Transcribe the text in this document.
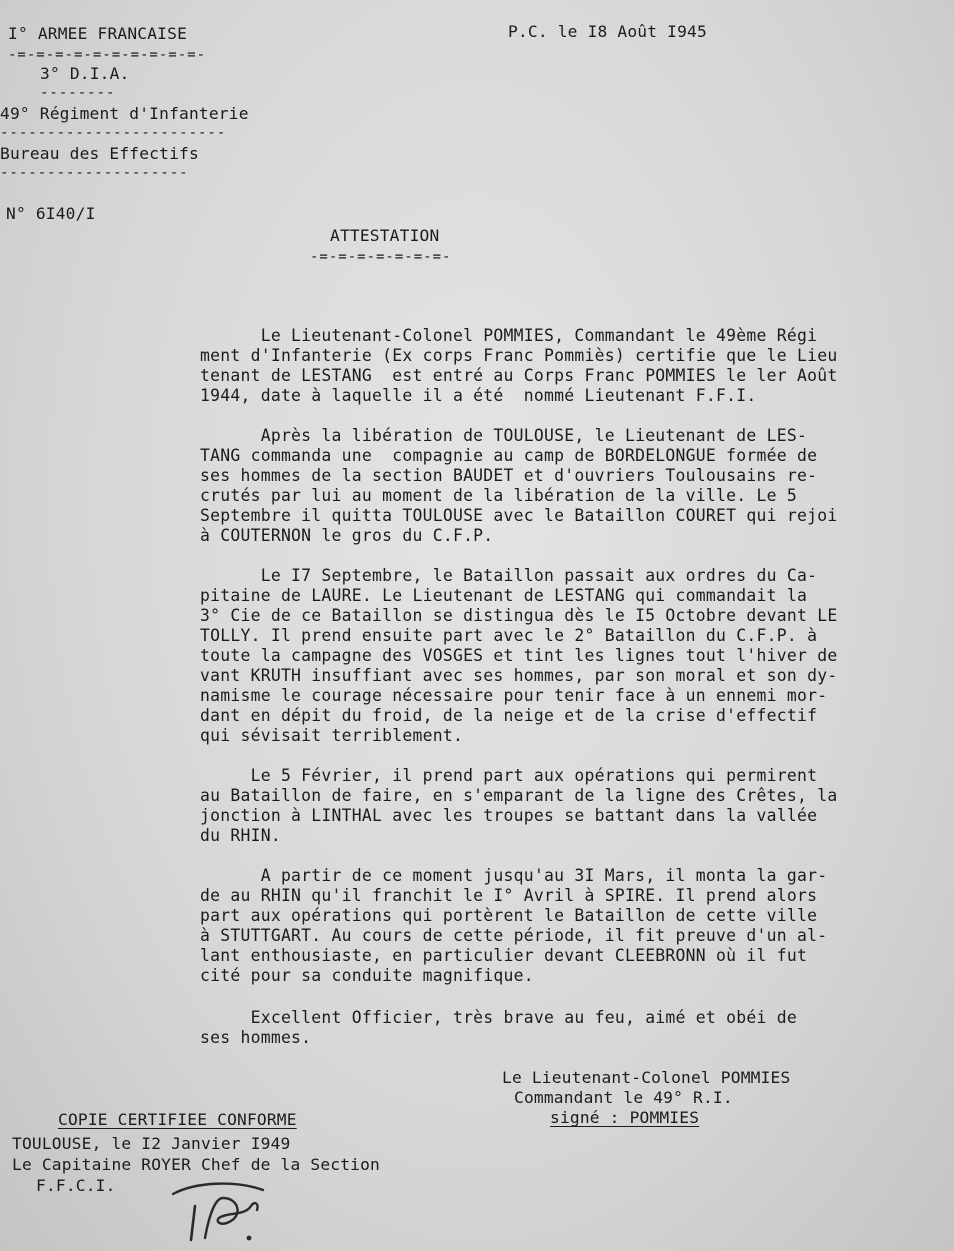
I° ARMEE FRANCAISE
-=-=-=-=-=-=-=-=-=-=-
3° D.I.A.
--------
49° Régiment d'Infanterie
------------------------
Bureau des Effectifs
--------------------
N° 6I40/I
P.C. le I8 Août I945
ATTESTATION
-=-=-=-=-=-=-=-
Le Lieutenant-Colonel POMMIES, Commandant le 49ème Régi
ment d'Infanterie (Ex corps Franc Pommiès) certifie que le Lieu
tenant de LESTANG  est entré au Corps Franc POMMIES le ler Août
1944, date à laquelle il a été  nommé Lieutenant F.F.I.
Après la libération de TOULOUSE, le Lieutenant de LES-
TANG commanda une  compagnie au camp de BORDELONGUE formée de
ses hommes de la section BAUDET et d'ouvriers Toulousains re-
crutés par lui au moment de la libération de la ville. Le 5
Septembre il quitta TOULOUSE avec le Bataillon COURET qui rejoi
à COUTERNON le gros du C.F.P.
Le I7 Septembre, le Bataillon passait aux ordres du Ca-
pitaine de LAURE. Le Lieutenant de LESTANG qui commandait la
3° Cie de ce Bataillon se distingua dès le I5 Octobre devant LE
TOLLY. Il prend ensuite part avec le 2° Bataillon du C.F.P. à
toute la campagne des VOSGES et tint les lignes tout l'hiver de
vant KRUTH insuffiant avec ses hommes, par son moral et son dy-
namisme le courage nécessaire pour tenir face à un ennemi mor-
dant en dépit du froid, de la neige et de la crise d'effectif
qui sévisait terriblement.
Le 5 Février, il prend part aux opérations qui permirent
au Bataillon de faire, en s'emparant de la ligne des Crêtes, la
jonction à LINTHAL avec les troupes se battant dans la vallée
du RHIN.
A partir de ce moment jusqu'au 3I Mars, il monta la gar-
de au RHIN qu'il franchit le I° Avril à SPIRE. Il prend alors
part aux opérations qui portèrent le Bataillon de cette ville
à STUTTGART. Au cours de cette période, il fit preuve d'un al-
lant enthousiaste, en particulier devant CLEEBRONN où il fut
cité pour sa conduite magnifique.
Excellent Officier, très brave au feu, aimé et obéi de
ses hommes.
Le Lieutenant-Colonel POMMIES
Commandant le 49° R.I.
signé : POMMIES
COPIE CERTIFIEE CONFORME
TOULOUSE, le I2 Janvier I949
Le Capitaine ROYER Chef de la Section
F.F.C.I.
